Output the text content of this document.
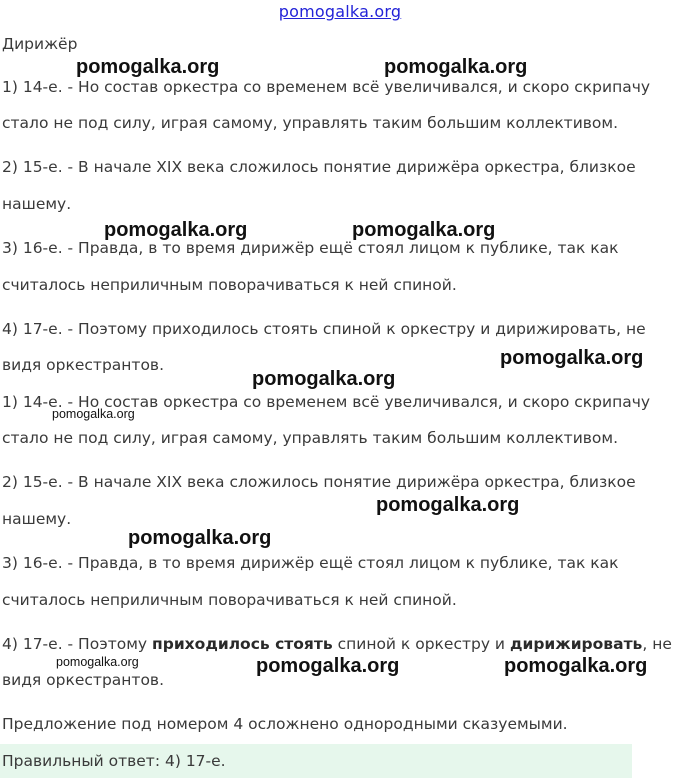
pomogalka.org
Дирижёр
1) 14-е. - Но состав оркестра со временем всё увеличивался, и скоро скрипачу
стало не под силу, играя самому, управлять таким большим коллективом.
2) 15-е. - В начале XIX века сложилось понятие дирижёра оркестра, близкое
нашему.
3) 16-е. - Правда, в то время дирижёр ещё стоял лицом к публике, так как
считалось неприличным поворачиваться к ней спиной.
4) 17-е. - Поэтому приходилось стоять спиной к оркестру и дирижировать, не
видя оркестрантов.
1) 14-е. - Но состав оркестра со временем всё увеличивался, и скоро скрипачу
стало не под силу, играя самому, управлять таким большим коллективом.
2) 15-е. - В начале XIX века сложилось понятие дирижёра оркестра, близкое
нашему.
3) 16-е. - Правда, в то время дирижёр ещё стоял лицом к публике, так как
считалось неприличным поворачиваться к ней спиной.
4) 17-е. - Поэтому приходилось стоять спиной к оркестру и дирижировать, не
видя оркестрантов.
Предложение под номером 4 осложнено однородными сказуемыми.
Правильный ответ: 4) 17-е.
pomogalka.org	pomogalka.org
pomogalka.org	pomogalka.org
pomogalka.org
pomogalka.org
pomogalka.org
pomogalka.org
pomogalka.org
pomogalka.org	pomogalka.org	pomogalka.org
